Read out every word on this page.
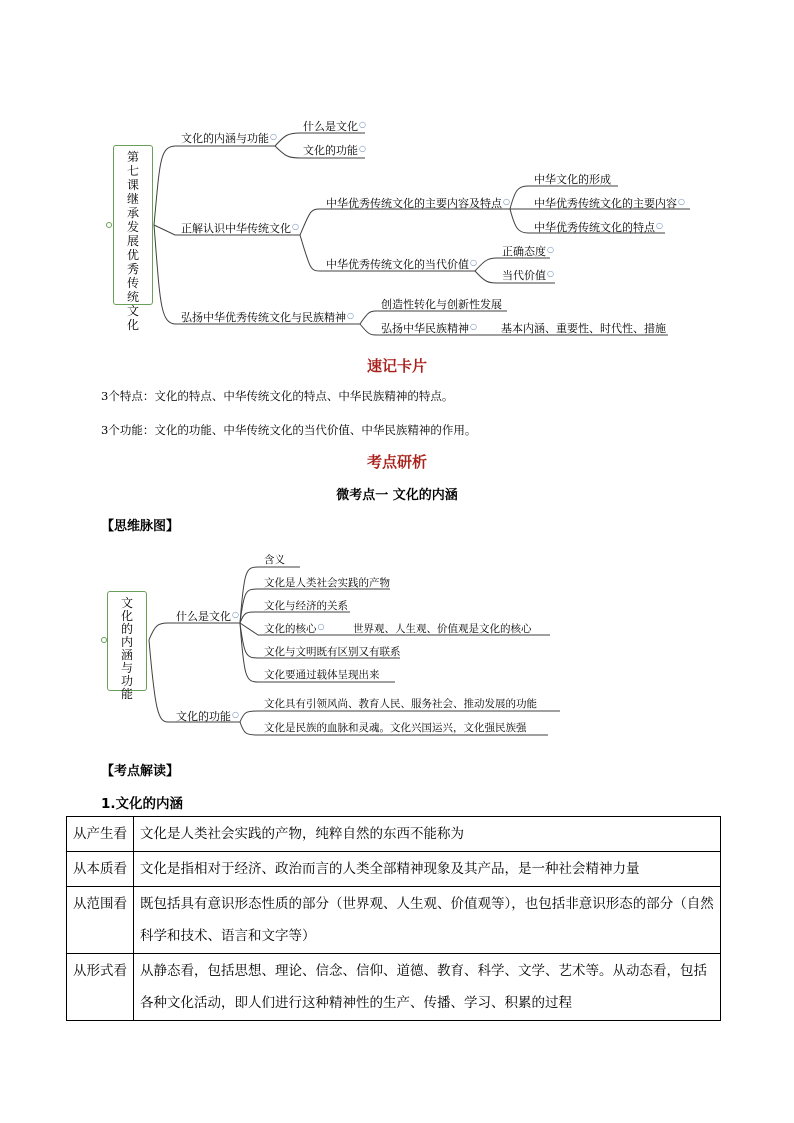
第七课 继承发展优秀传统文化
文化的内涵与功能○
什么是文化○
文化的功能○
正解认识中华传统文化○
中华优秀传统文化的主要内容及特点○
中华文化的形成
中华优秀传统文化的主要内容○
中华优秀传统文化的特点○
中华优秀传统文化的当代价值○
正确态度○
当代价值○
弘扬中华优秀传统文化与民族精神○
创造性转化与创新性发展
弘扬中华民族精神○ 基本内涵、重要性、时代性、措施
速记卡片
3个特点：文化的特点、中华传统文化的特点、中华民族精神的特点。
3个功能：文化的功能、中华传统文化的当代价值、中华民族精神的作用。
考点研析
微考点一 文化的内涵
【思维脉图】
文化的内涵与功能
什么是文化○
含义
文化是人类社会实践的产物
文化与经济的关系
文化的核心○	世界观、人生观、价值观是文化的核心
文化与文明既有区别又有联系
文化要通过载体呈现出来
文化的功能○
文化具有引领风尚、教育人民、服务社会、推动发展的功能
文化是民族的血脉和灵魂。文化兴国运兴，文化强民族强
【考点解读】
1.文化的内涵
从产生看	文化是人类社会实践的产物，纯粹自然的东西不能称为
从本质看	文化是指相对于经济、政治而言的人类全部精神现象及其产品，是一种社会精神力量
从范围看	既包括具有意识形态性质的部分（世界观、人生观、价值观等），也包括非意识形态的部分（自然科学和技术、语言和文字等）
从形式看	从静态看，包括思想、理论、信念、信仰、道德、教育、科学、文学、艺术等。从动态看，包括各种文化活动，即人们进行这种精神性的生产、传播、学习、积累的过程
